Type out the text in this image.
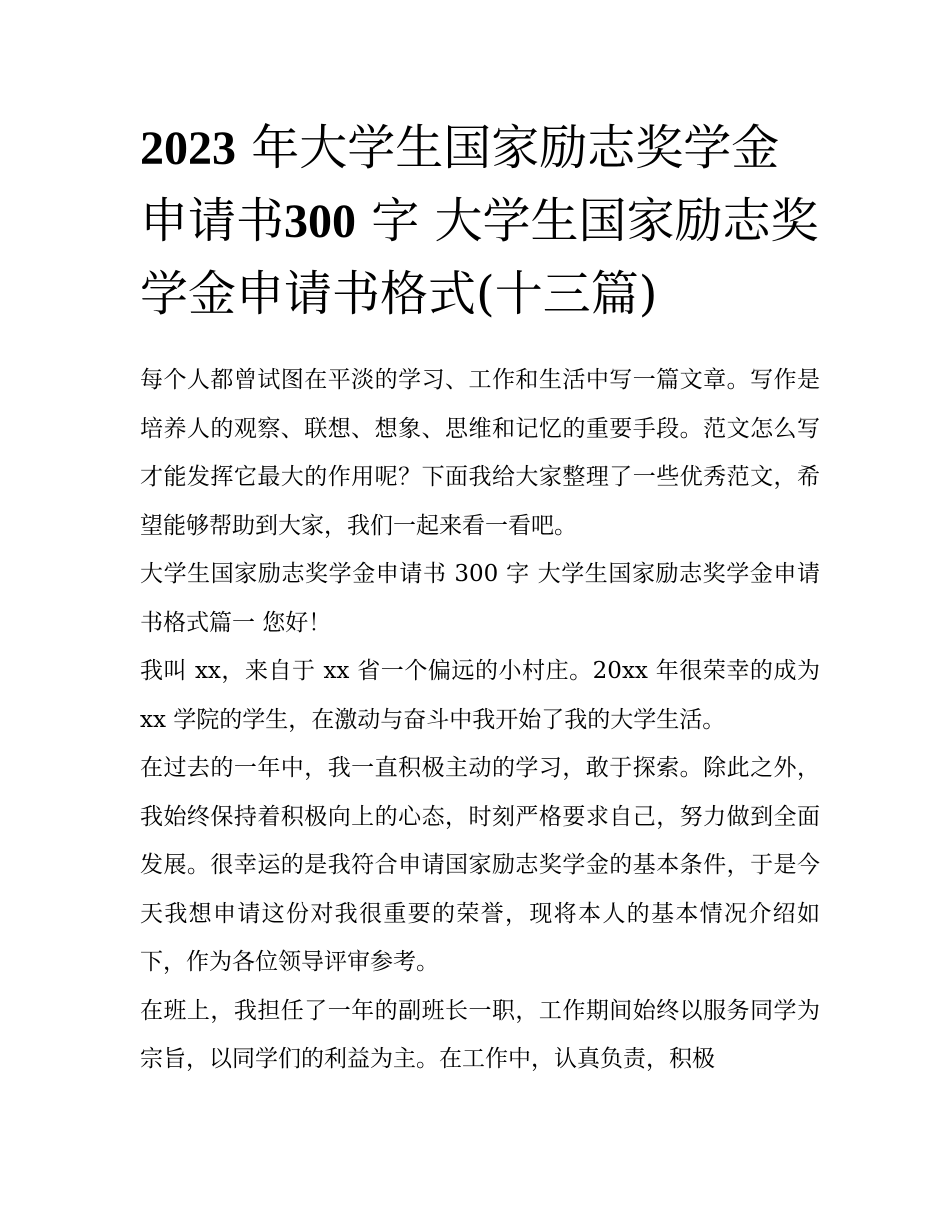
2023 年大学生国家励志奖学金申请书300 字 大学生国家励志奖学金申请书格式(十三篇)

每个人都曾试图在平淡的学习、工作和生活中写一篇文章。写作是培养人的观察、联想、想象、思维和记忆的重要手段。范文怎么写才能发挥它最大的作用呢？下面我给大家整理了一些优秀范文，希望能够帮助到大家，我们一起来看一看吧。

大学生国家励志奖学金申请书 300 字 大学生国家励志奖学金申请书格式篇一 您好！

我叫 xx，来自于 xx 省一个偏远的小村庄。20xx 年很荣幸的成为 xx 学院的学生，在激动与奋斗中我开始了我的大学生活。

在过去的一年中，我一直积极主动的学习，敢于探索。除此之外，我始终保持着积极向上的心态，时刻严格要求自己，努力做到全面发展。很幸运的是我符合申请国家励志奖学金的基本条件，于是今天我想申请这份对我很重要的荣誉，现将本人的基本情况介绍如下，作为各位领导评审参考。

在班上，我担任了一年的副班长一职，工作期间始终以服务同学为宗旨，以同学们的利益为主。在工作中，认真负责，积极
